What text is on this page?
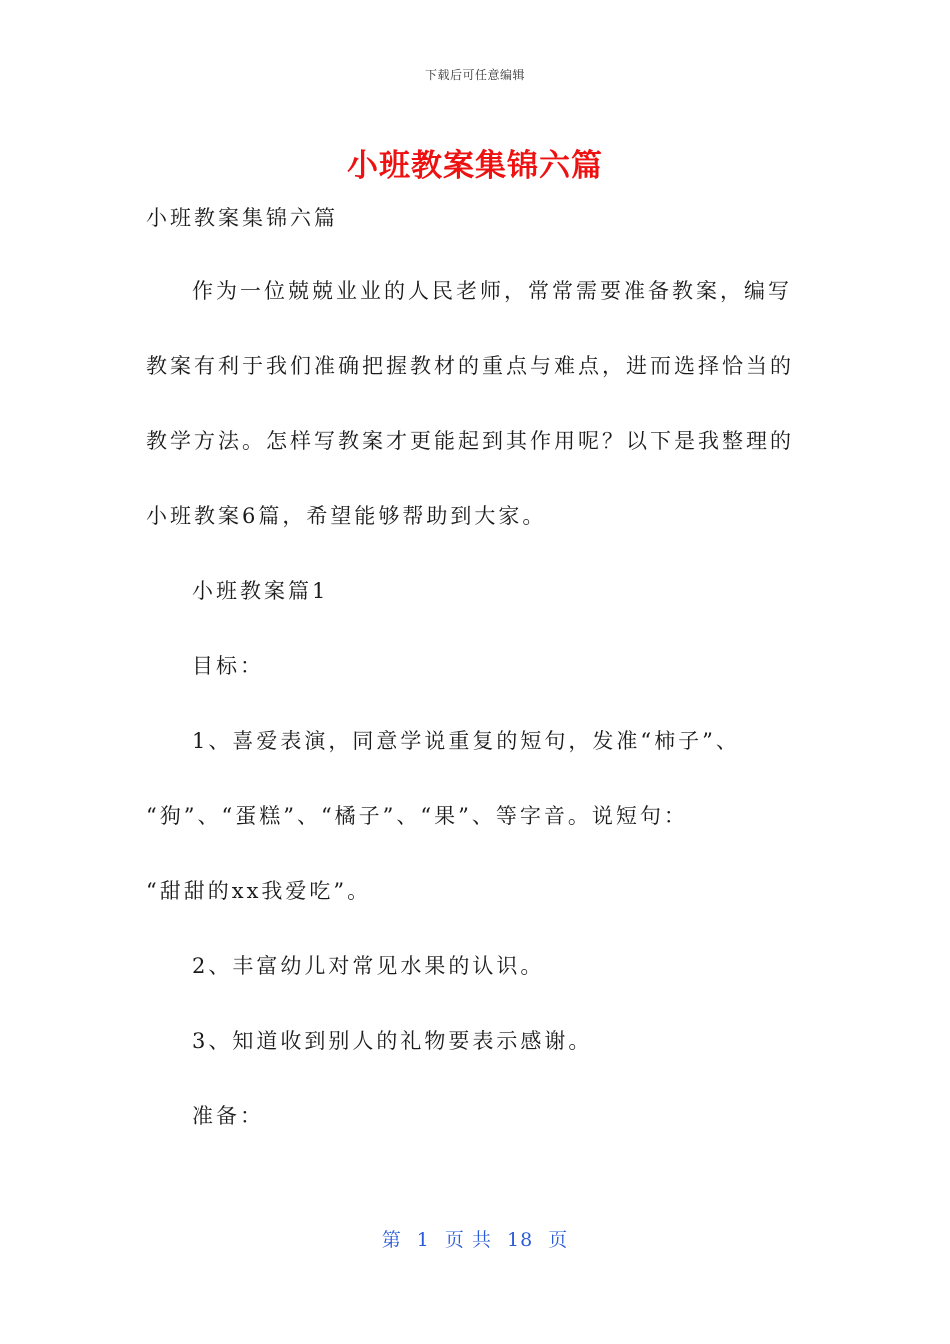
下载后可任意编辑
小班教案集锦六篇
小班教案集锦六篇
作为一位兢兢业业的人民老师，常常需要准备教案，编写
教案有利于我们准确把握教材的重点与难点，进而选择恰当的
教学方法。怎样写教案才更能起到其作用呢？以下是我整理的
小班教案6篇，希望能够帮助到大家。
小班教案篇1
目标：
1、喜爱表演，同意学说重复的短句，发准“柿子”、
“狗”、“蛋糕”、“橘子”、“果”、等字音。说短句：
“甜甜的xx我爱吃”。
2、丰富幼儿对常见水果的认识。
3、知道收到别人的礼物要表示感谢。
准备：
第 1 页 共 18 页
